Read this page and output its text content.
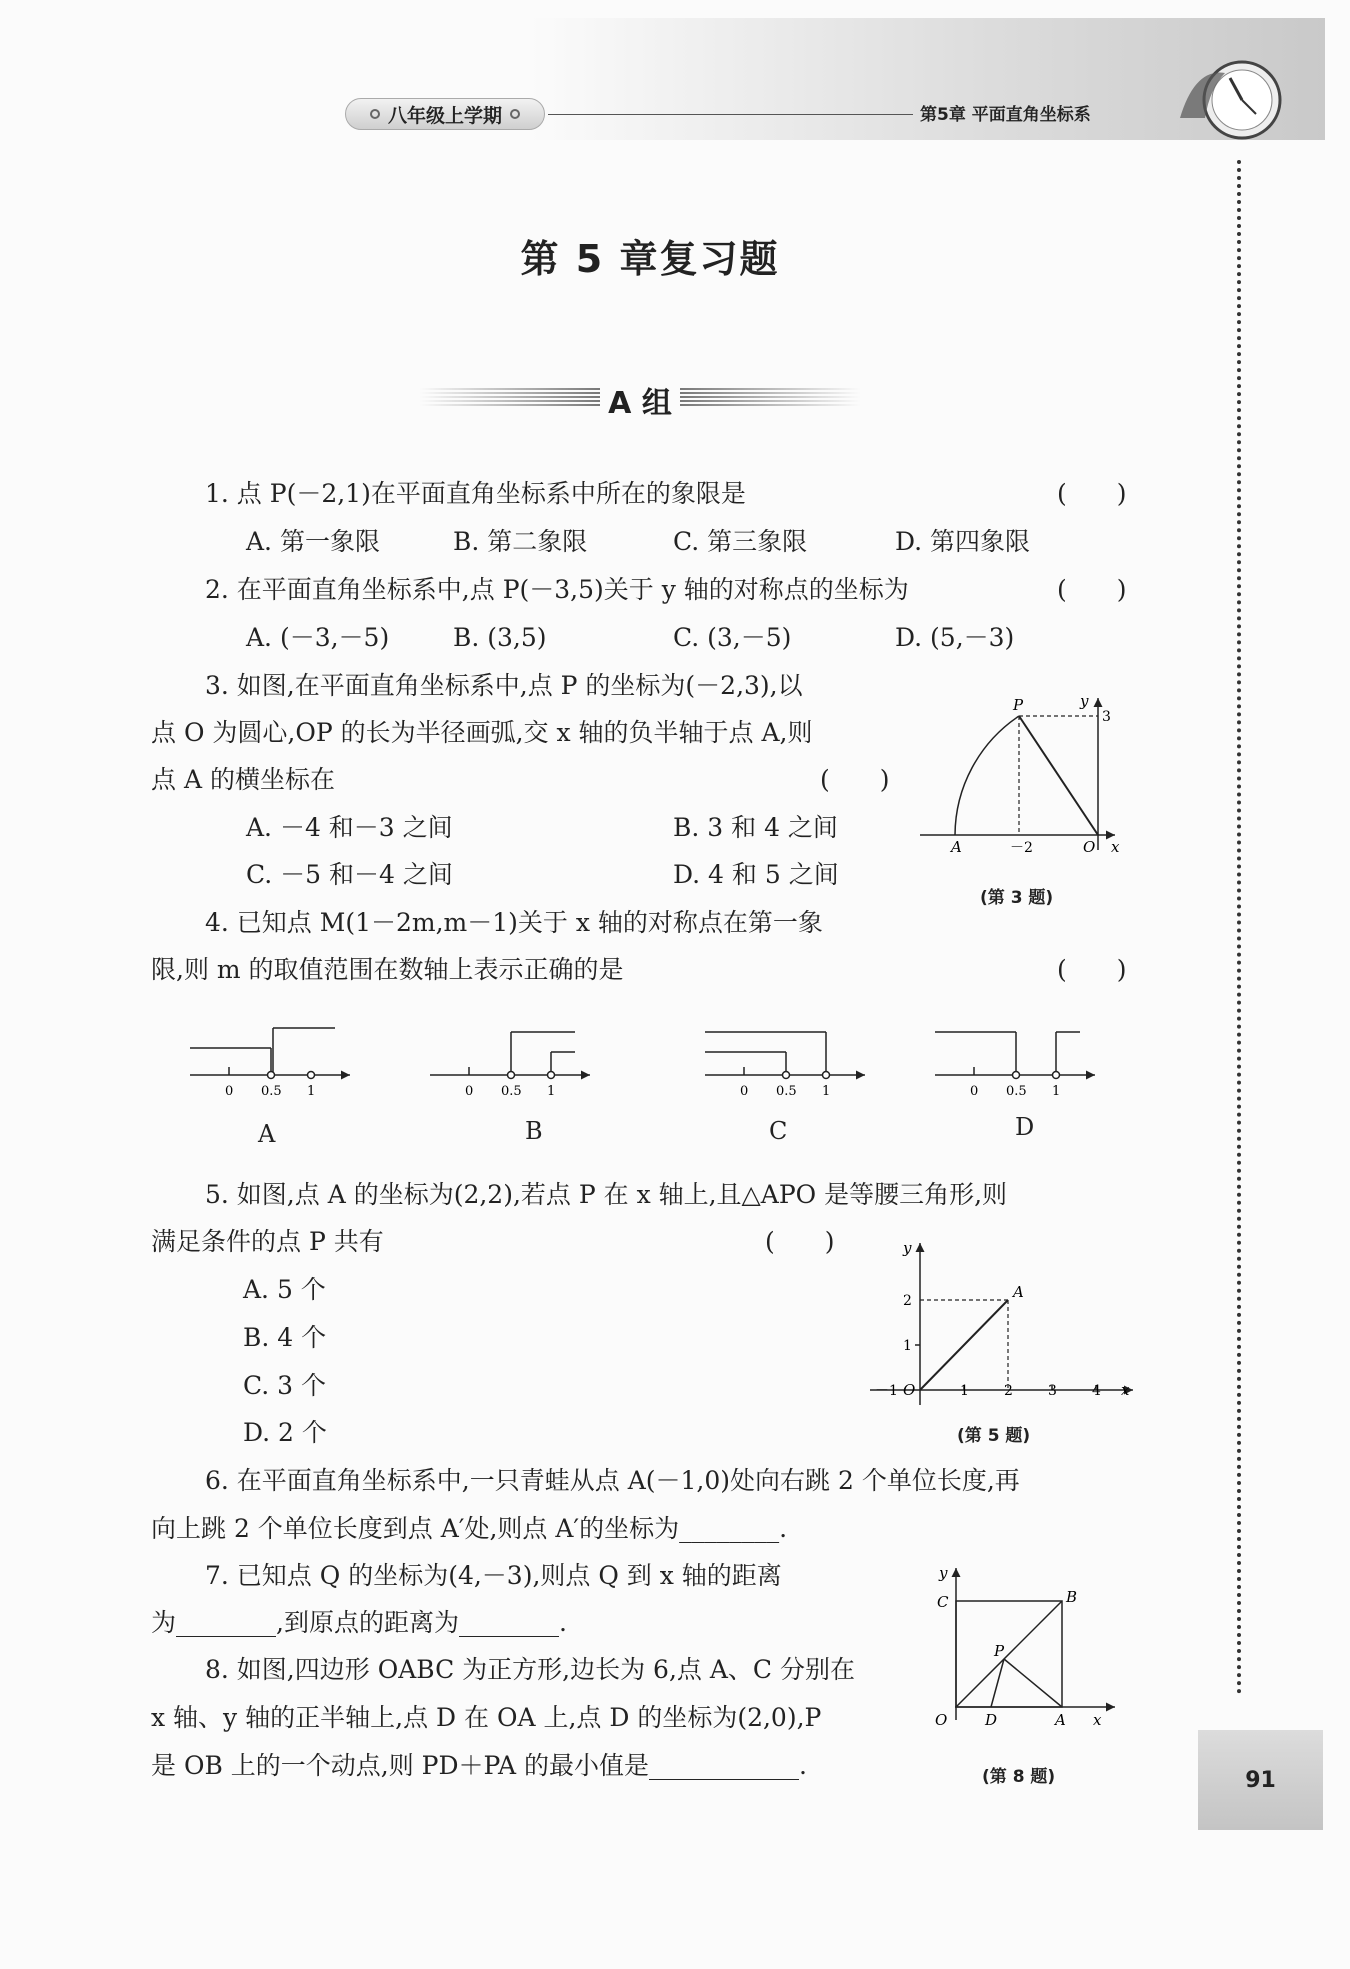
八年级上学期	第5章 平面直角坐标系
91
第 5 章复习题
A 组
1. 点 P(－2,1)在平面直角坐标系中所在的象限是	(　　)
A. 第一象限	B. 第二象限	C. 第三象限	D. 第四象限
2. 在平面直角坐标系中,点 P(－3,5)关于 y 轴的对称点的坐标为	(　　)
A. (－3,－5)	B. (3,5)	C. (3,－5)	D. (5,－3)
3. 如图,在平面直角坐标系中,点 P 的坐标为(－2,3),以
点 O 为圆心,OP 的长为半径画弧,交 x 轴的负半轴于点 A,则
点 A 的横坐标在	(　　)
A. －4 和－3 之间	B. 3 和 4 之间
C. －5 和－4 之间	D. 4 和 5 之间
4. 已知点 M(1－2m,m－1)关于 x 轴的对称点在第一象
限,则 m 的取值范围在数轴上表示正确的是	(　　)
5. 如图,点 A 的坐标为(2,2),若点 P 在 x 轴上,且△APO 是等腰三角形,则
满足条件的点 P 共有	(　　)
A. 5 个
B. 4 个
C. 3 个
D. 2 个
6. 在平面直角坐标系中,一只青蛙从点 A(－1,0)处向右跳 2 个单位长度,再
向上跳 2 个单位长度到点 A′处,则点 A′的坐标为________.
7. 已知点 Q 的坐标为(4,－3),则点 Q 到 x 轴的距离
为________,到原点的距离为________.
8. 如图,四边形 OABC 为正方形,边长为 6,点 A、C 分别在
x 轴、y 轴的正半轴上,点 D 在 OA 上,点 D 的坐标为(2,0),P
是 OB 上的一个动点,则 PD＋PA 的最小值是____________.
P	y
3
A	－2	O x
(第 3 题)
0 0.5 1
A
0 0.5 1
B
0 0.5 1
C
0 0.5 1
D
y
A
2
1
－1 O	1	2	3	4 x
(第 5 题)
y
C	B
P
O	D	A x
(第 8 题)
